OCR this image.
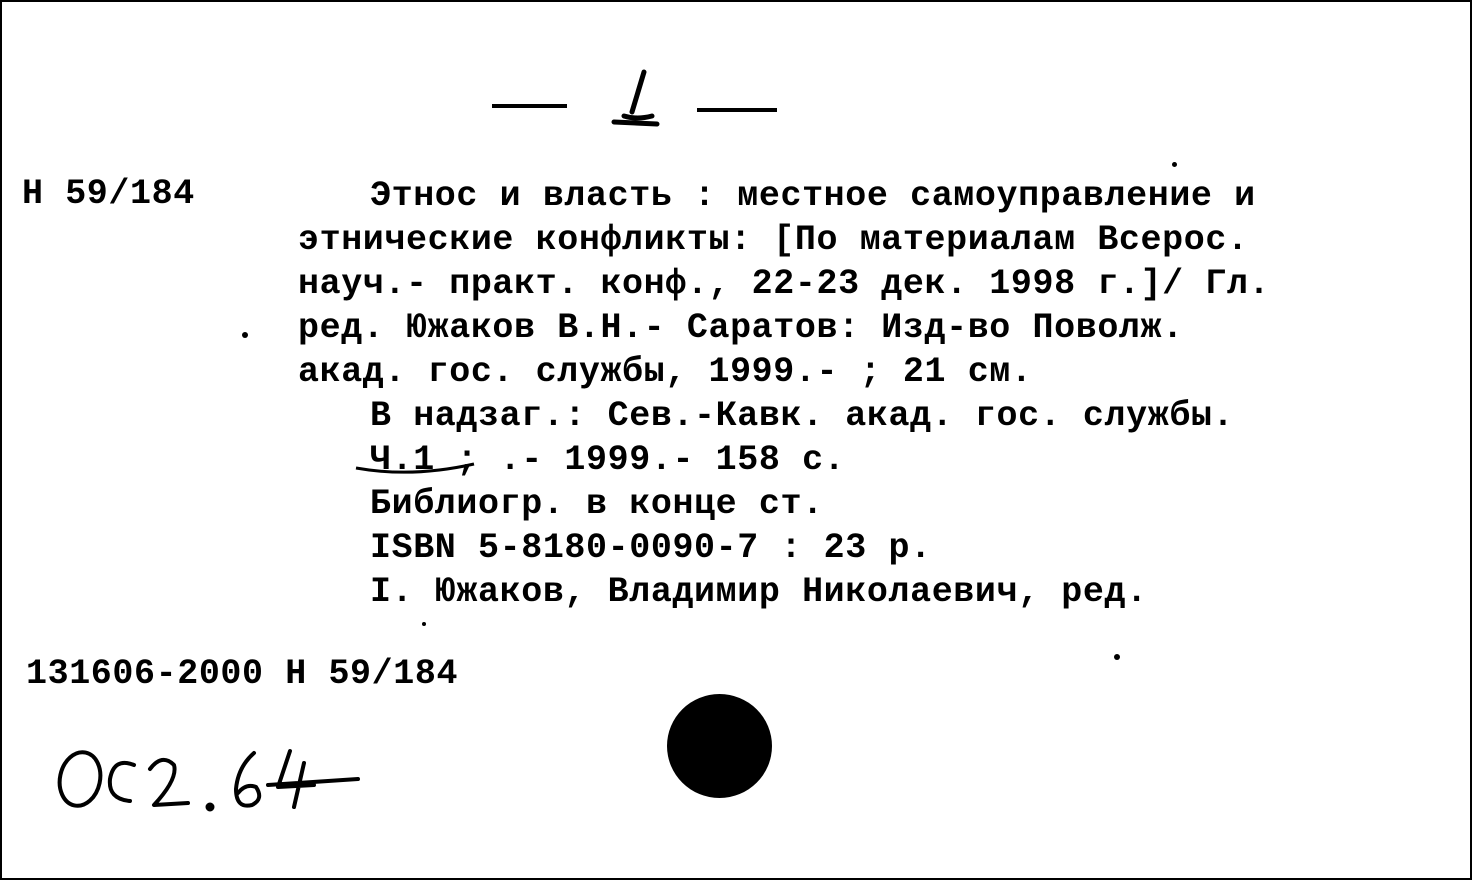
1
Н 59/184	Этнос и власть : местное самоуправление и
этнические конфликты: [По материалам Всерос.
науч.- практ. конф., 22-23 дек. 1998 г.]/ Гл.
ред. Южаков В.Н.- Саратов: Изд-во Поволж.
акад. гос. службы, 1999.- ; 21 см.
В надзаг.: Сев.-Кавк. акад. гос. службы.
Ч.1 ; .- 1999.- 158 с.
Библиогр. в конце ст.
ISBN 5-8180-0090-7 : 23 р.
I. Южаков, Владимир Николаевич, ред.
131606-2000 Н 59/184
